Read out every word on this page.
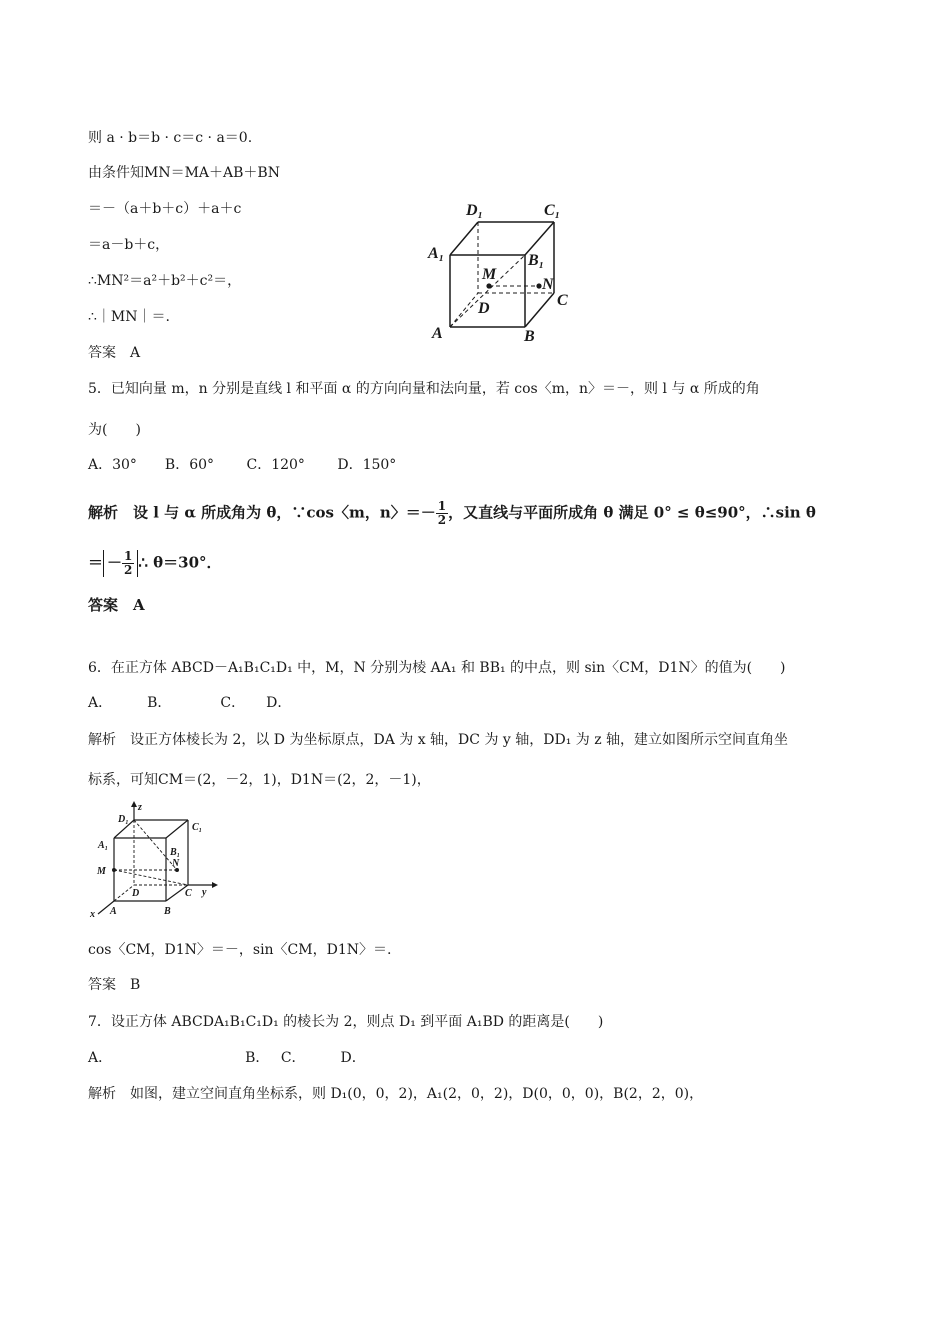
则 a · b＝b · c＝c · a＝0.
由条件知MN＝MA＋AB＋BN
＝－（a＋b＋c）＋a＋c
＝a－b＋c，
∴MN²＝a²＋b²＋c²＝，
∴｜MN｜＝.
答案　A
D₁	C₁
A₁	B₁
M
N
D	C
A	B
5．已知向量 m，n 分别是直线 l 和平面 α 的方向向量和法向量，若 cos〈m，n〉＝－，则 l 与 α 所成的角
为(　　)
A．30°　　B．60°　　 C．120°　　 D．150°
解析　设 l 与 α 所成角为 θ，∵cos〈m，n〉＝－ $\frac{1}{2}$ ，又直线与平面所成角 θ 满足 0° ≤ θ≤90°，∴sin θ
＝ － $\frac{1}{2}$ ∴ θ＝30°．
答案　A
6．在正方体 ABCD－A₁B₁C₁D₁ 中，M，N 分别为棱 AA₁ 和 BB₁ 的中点，则 sin〈CM，D1N〉的值为(　　)
A．　　　B．　　　　C．　　D．
解析　设正方体棱长为 2，以 D 为坐标原点，DA 为 x 轴，DC 为 y 轴，DD₁ 为 z 轴，建立如图所示空间直角坐
标系，可知CM＝(2，－2，1)，D1N＝(2，2，－1)，
z
D₁
C₁
A₁
B₁
M
N
D	C y
x A	B
cos〈CM，D1N〉＝－，sin〈CM，D1N〉＝.
答案　B
7．设正方体 ABCDA₁B₁C₁D₁ 的棱长为 2，则点 D₁ 到平面 A₁BD 的距离是(　　)
A．　　　　　　　　　　B．　 C．　　　D．
解析　如图，建立空间直角坐标系，则 D₁(0，0，2)，A₁(2，0，2)，D(0，0，0)，B(2，2，0)，
